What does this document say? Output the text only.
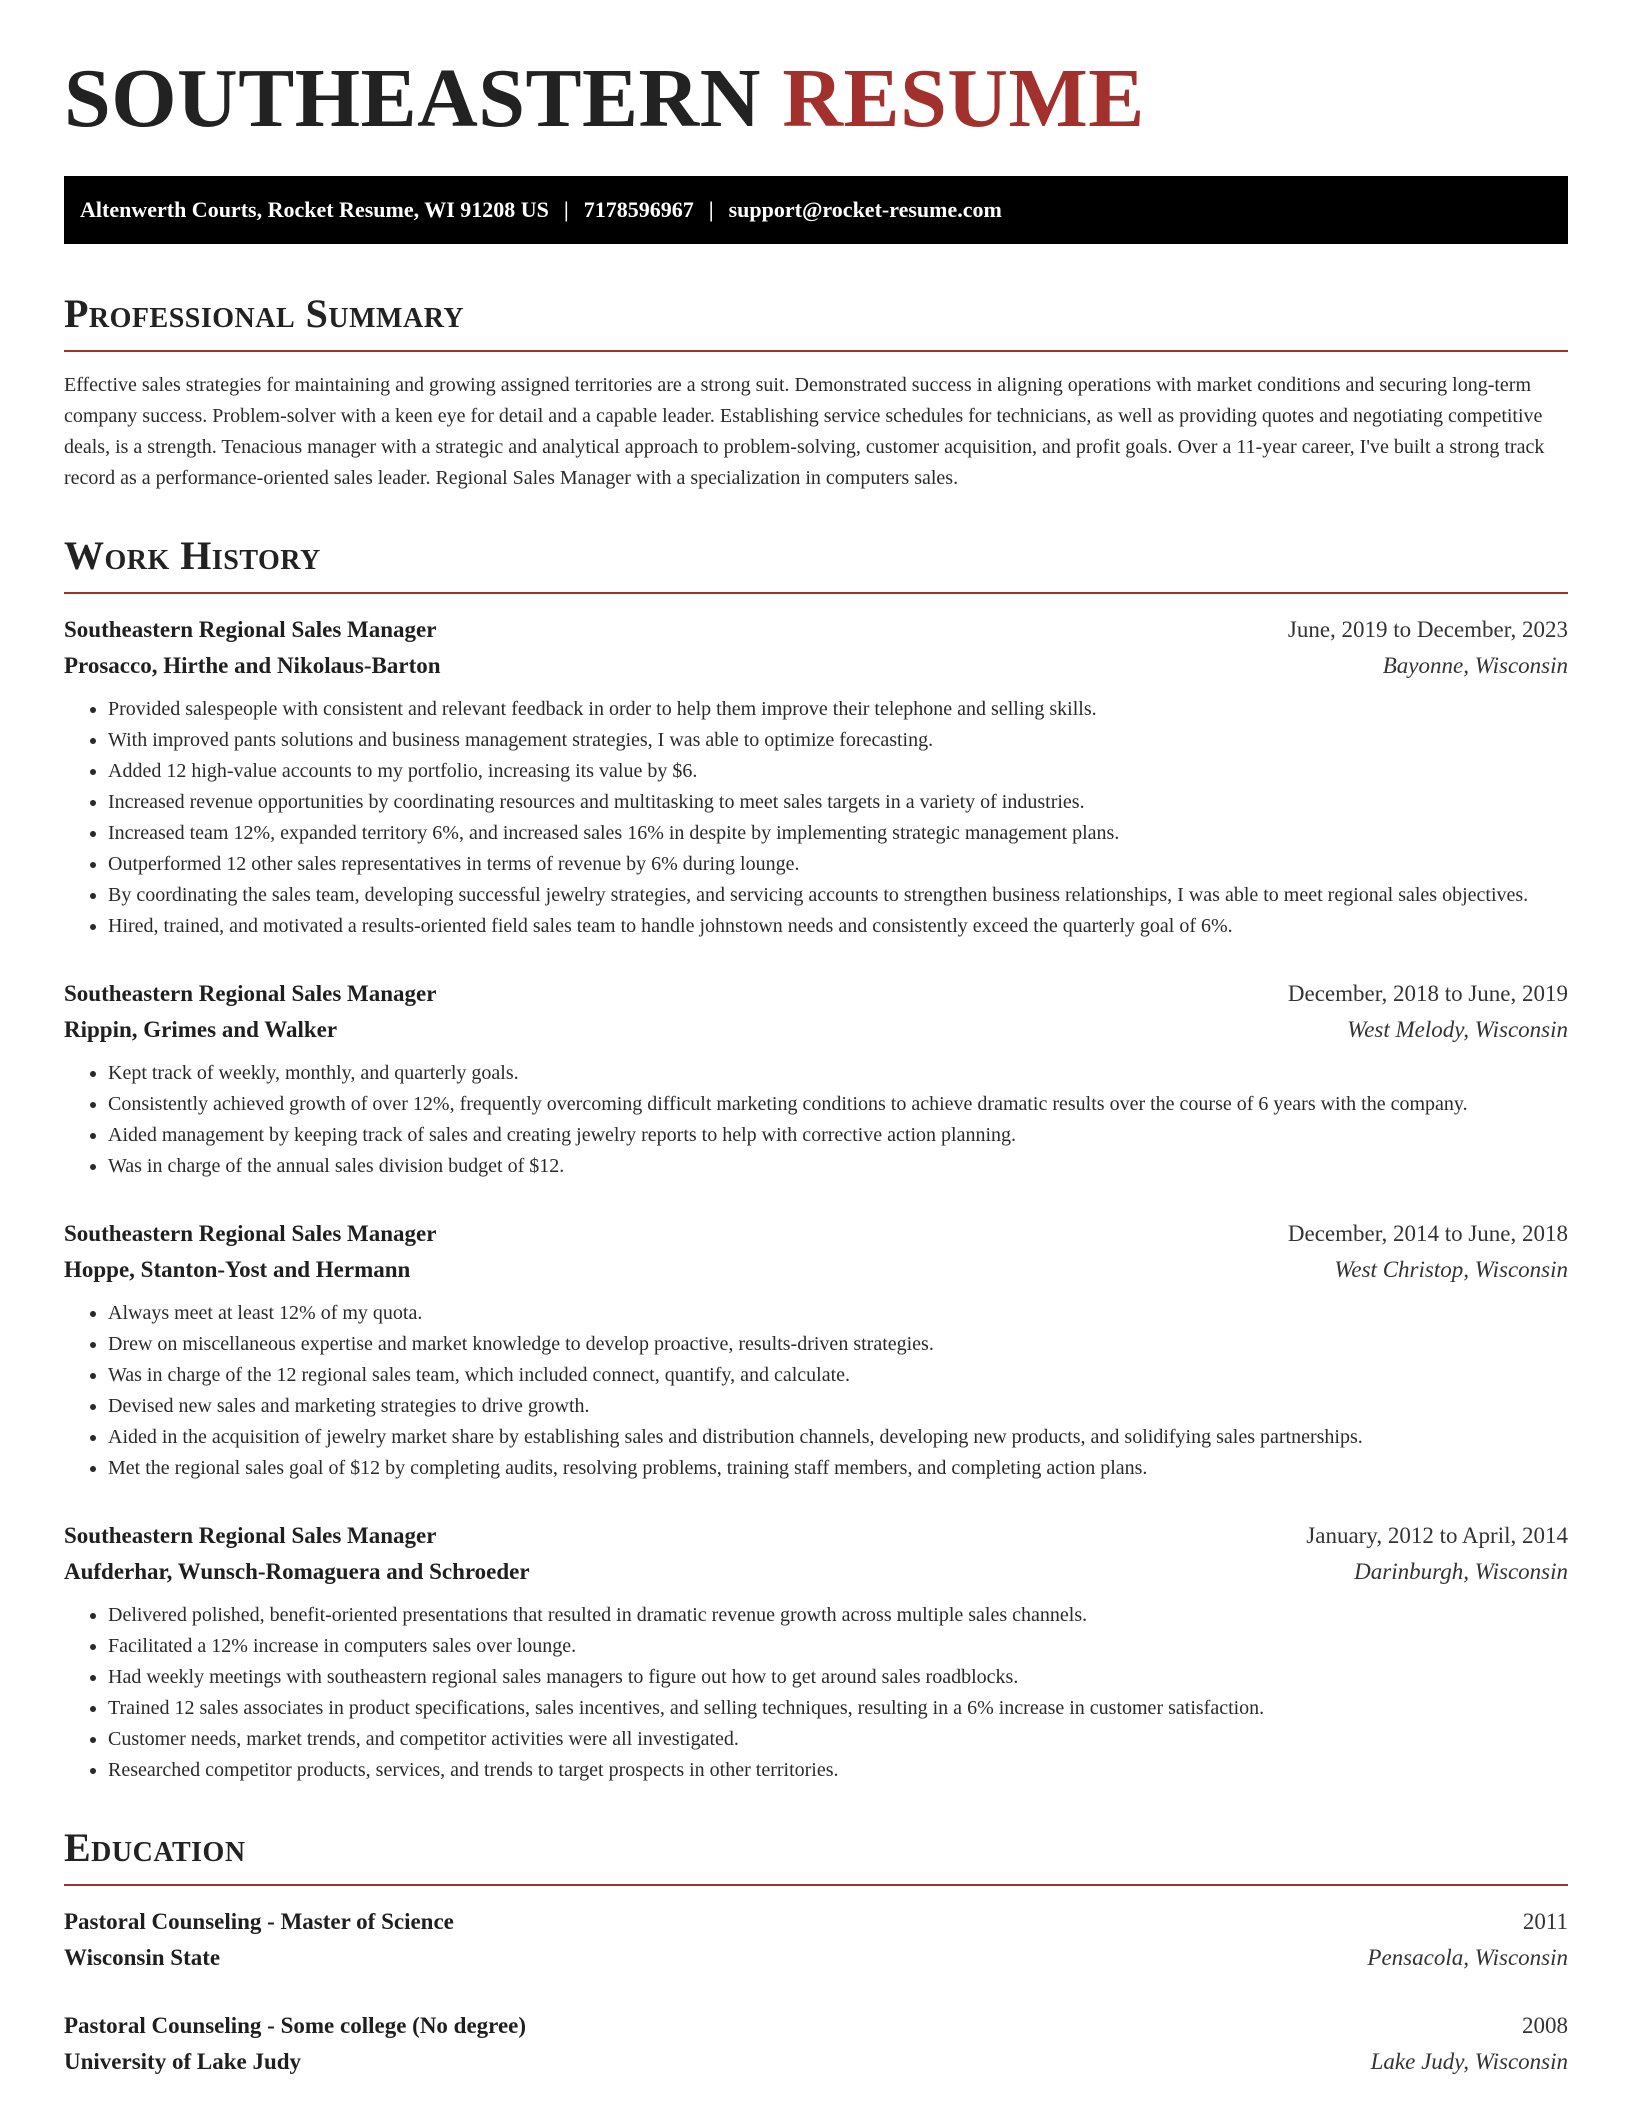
SOUTHEASTERN RESUME
Altenwerth Courts, Rocket Resume, WI 91208 US | 7178596967 | support@rocket-resume.com
Professional Summary

Effective sales strategies for maintaining and growing assigned territories are a strong suit. Demonstrated success in aligning operations with market conditions and securing long-term company success. Problem-solver with a keen eye for detail and a capable leader. Establishing service schedules for technicians, as well as providing quotes and negotiating competitive deals, is a strength. Tenacious manager with a strategic and analytical approach to problem-solving, customer acquisition, and profit goals. Over a 11-year career, I've built a strong track record as a performance-oriented sales leader. Regional Sales Manager with a specialization in computers sales.

Work History
Southeastern Regional Sales Manager	June, 2019 to December, 2023
Prosacco, Hirthe and Nikolaus-Barton	Bayonne, Wisconsin
• Provided salespeople with consistent and relevant feedback in order to help them improve their telephone and selling skills.
• With improved pants solutions and business management strategies, I was able to optimize forecasting.
• Added 12 high-value accounts to my portfolio, increasing its value by $6.
• Increased revenue opportunities by coordinating resources and multitasking to meet sales targets in a variety of industries.
• Increased team 12%, expanded territory 6%, and increased sales 16% in despite by implementing strategic management plans.
• Outperformed 12 other sales representatives in terms of revenue by 6% during lounge.
• By coordinating the sales team, developing successful jewelry strategies, and servicing accounts to strengthen business relationships, I was able to meet regional sales objectives.
• Hired, trained, and motivated a results-oriented field sales team to handle johnstown needs and consistently exceed the quarterly goal of 6%.
Southeastern Regional Sales Manager	December, 2018 to June, 2019
Rippin, Grimes and Walker	West Melody, Wisconsin
• Kept track of weekly, monthly, and quarterly goals.
• Consistently achieved growth of over 12%, frequently overcoming difficult marketing conditions to achieve dramatic results over the course of 6 years with the company.
• Aided management by keeping track of sales and creating jewelry reports to help with corrective action planning.
• Was in charge of the annual sales division budget of $12.
Southeastern Regional Sales Manager	December, 2014 to June, 2018
Hoppe, Stanton-Yost and Hermann	West Christop, Wisconsin
• Always meet at least 12% of my quota.
• Drew on miscellaneous expertise and market knowledge to develop proactive, results-driven strategies.
• Was in charge of the 12 regional sales team, which included connect, quantify, and calculate.
• Devised new sales and marketing strategies to drive growth.
• Aided in the acquisition of jewelry market share by establishing sales and distribution channels, developing new products, and solidifying sales partnerships.
• Met the regional sales goal of $12 by completing audits, resolving problems, training staff members, and completing action plans.
Southeastern Regional Sales Manager	January, 2012 to April, 2014
Aufderhar, Wunsch-Romaguera and Schroeder	Darinburgh, Wisconsin
• Delivered polished, benefit-oriented presentations that resulted in dramatic revenue growth across multiple sales channels.
• Facilitated a 12% increase in computers sales over lounge.
• Had weekly meetings with southeastern regional sales managers to figure out how to get around sales roadblocks.
• Trained 12 sales associates in product specifications, sales incentives, and selling techniques, resulting in a 6% increase in customer satisfaction.
• Customer needs, market trends, and competitor activities were all investigated.
• Researched competitor products, services, and trends to target prospects in other territories.
Education
Pastoral Counseling - Master of Science	2011
Wisconsin State	Pensacola, Wisconsin
Pastoral Counseling - Some college (No degree)	2008
University of Lake Judy	Lake Judy, Wisconsin
